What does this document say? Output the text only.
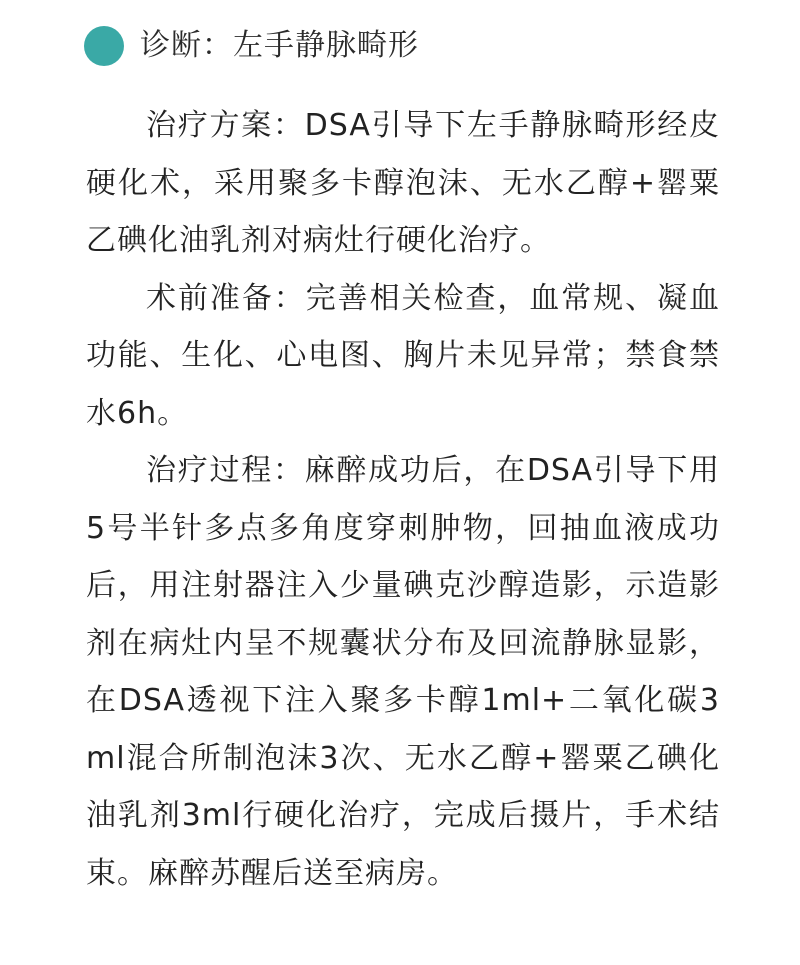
诊断：左手静脉畸形

治疗方案：DSA引导下左手静脉畸形经皮硬化术，采用聚多卡醇泡沫、无水乙醇+罂粟乙碘化油乳剂对病灶行硬化治疗。

术前准备：完善相关检查，血常规、凝血功能、生化、心电图、胸片未见异常；禁食禁水6h。

治疗过程：麻醉成功后，在DSA引导下用5号半针多点多角度穿刺肿物，回抽血液成功后，用注射器注入少量碘克沙醇造影，示造影剂在病灶内呈不规囊状分布及回流静脉显影，在DSA透视下注入聚多卡醇1ml+二氧化碳3ml混合所制泡沫3次、无水乙醇+罂粟乙碘化油乳剂3ml行硬化治疗，完成后摄片，手术结束。麻醉苏醒后送至病房。
